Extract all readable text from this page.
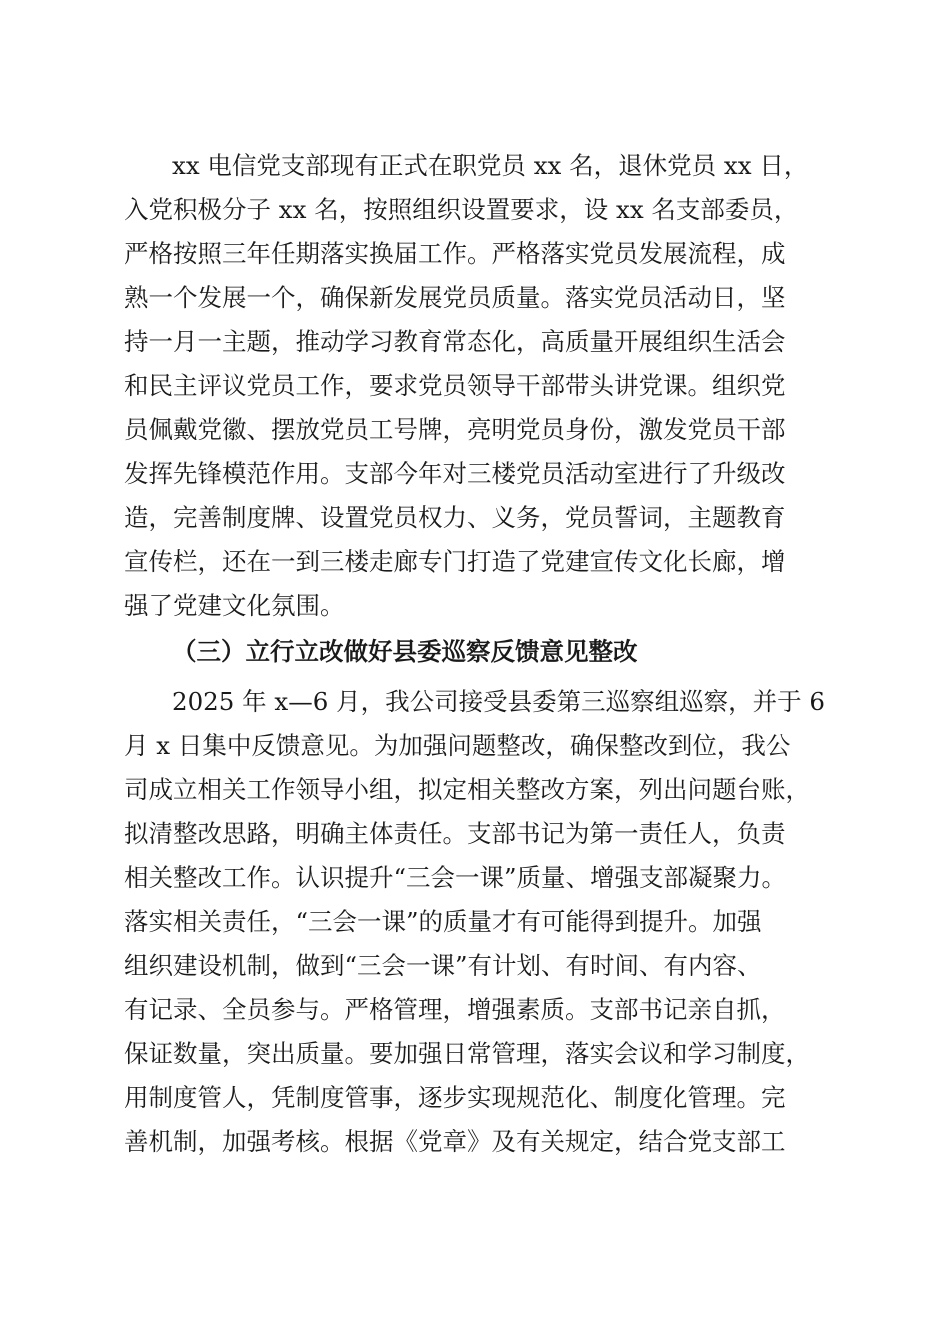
xx 电信党支部现有正式在职党员 xx 名，退休党员 xx 日，
入党积极分子 xx 名，按照组织设置要求，设 xx 名支部委员，
严格按照三年任期落实换届工作。严格落实党员发展流程，成
熟一个发展一个，确保新发展党员质量。落实党员活动日，坚
持一月一主题，推动学习教育常态化，高质量开展组织生活会
和民主评议党员工作，要求党员领导干部带头讲党课。组织党
员佩戴党徽、摆放党员工号牌，亮明党员身份，激发党员干部
发挥先锋模范作用。支部今年对三楼党员活动室进行了升级改
造，完善制度牌、设置党员权力、义务，党员誓词，主题教育
宣传栏，还在一到三楼走廊专门打造了党建宣传文化长廊，增
强了党建文化氛围。
（三）立行立改做好县委巡察反馈意见整改
2025 年 x—6 月，我公司接受县委第三巡察组巡察，并于 6
月 x 日集中反馈意见。为加强问题整改，确保整改到位，我公
司成立相关工作领导小组，拟定相关整改方案，列出问题台账，
拟清整改思路，明确主体责任。支部书记为第一责任人，负责
相关整改工作。认识提升“三会一课”质量、增强支部凝聚力。
落实相关责任，“三会一课”的质量才有可能得到提升。加强
组织建设机制，做到“三会一课”有计划、有时间、有内容、
有记录、全员参与。严格管理，增强素质。支部书记亲自抓，
保证数量，突出质量。要加强日常管理，落实会议和学习制度，
用制度管人，凭制度管事，逐步实现规范化、制度化管理。完
善机制，加强考核。根据《党章》及有关规定，结合党支部工
